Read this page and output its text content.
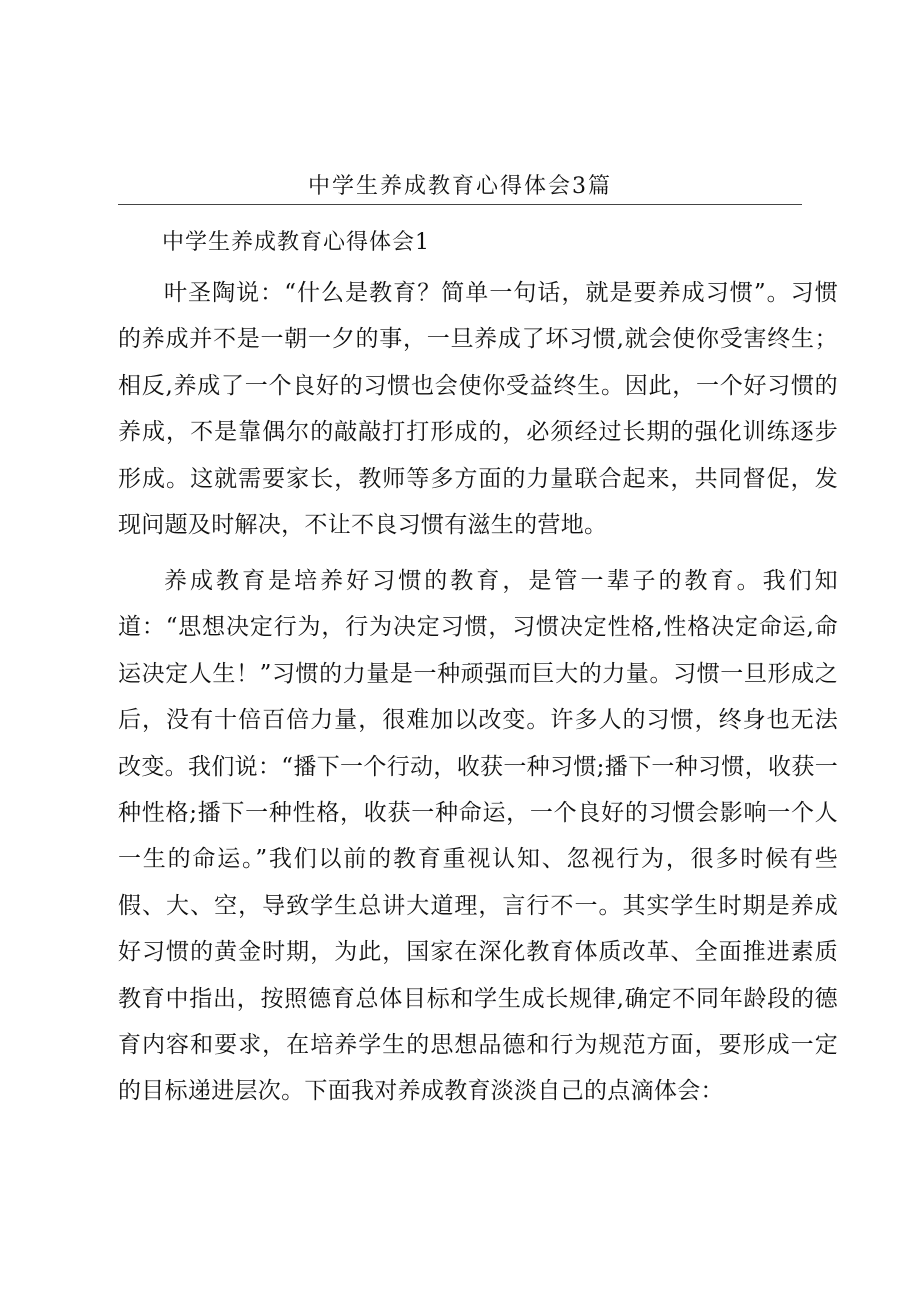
中学生养成教育心得体会3篇
中学生养成教育心得体会1

叶圣陶说：“什么是教育？简单一句话，就是要养成习惯”。习惯的养成并不是一朝一夕的事，一旦养成了坏习惯,就会使你受害终生；相反,养成了一个良好的习惯也会使你受益终生。因此，一个好习惯的养成，不是靠偶尔的敲敲打打形成的，必须经过长期的强化训练逐步形成。这就需要家长，教师等多方面的力量联合起来，共同督促，发现问题及时解决，不让不良习惯有滋生的营地。

养成教育是培养好习惯的教育，是管一辈子的教育。我们知道：“思想决定行为，行为决定习惯，习惯决定性格,性格决定命运,命运决定人生！”习惯的力量是一种顽强而巨大的力量。习惯一旦形成之后，没有十倍百倍力量，很难加以改变。许多人的习惯，终身也无法改变。我们说：“播下一个行动，收获一种习惯;播下一种习惯，收获一种性格;播下一种性格，收获一种命运，一个良好的习惯会影响一个人一生的命运。”我们以前的教育重视认知、忽视行为，很多时候有些假、大、空，导致学生总讲大道理，言行不一。其实学生时期是养成好习惯的黄金时期，为此，国家在深化教育体质改革、全面推进素质教育中指出，按照德育总体目标和学生成长规律,确定不同年龄段的德育内容和要求，在培养学生的思想品德和行为规范方面，要形成一定的目标递进层次。下面我对养成教育淡淡自己的点滴体会：
